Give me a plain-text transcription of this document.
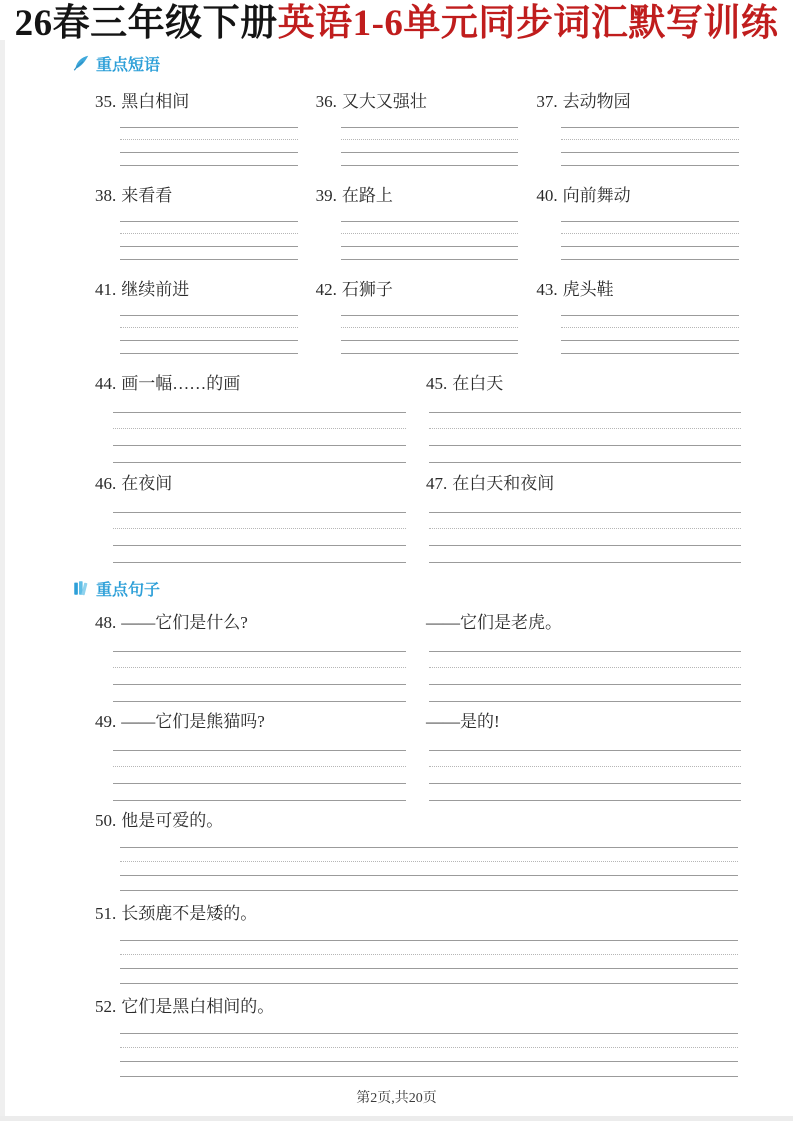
26春三年级下册英语1-6单元同步词汇默写训练
重点短语
35. 黑白相间	36. 又大又强壮	37. 去动物园
38. 来看看	39. 在路上	40. 向前舞动
41. 继续前进	42. 石狮子	43. 虎头鞋
44. 画一幅……的画	45. 在白天
46. 在夜间	47. 在白天和夜间
重点句子
48. ——它们是什么?	——它们是老虎。
49. ——它们是熊猫吗?	——是的!
50. 他是可爱的。
51. 长颈鹿不是矮的。
52. 它们是黑白相间的。
第2页,共20页
